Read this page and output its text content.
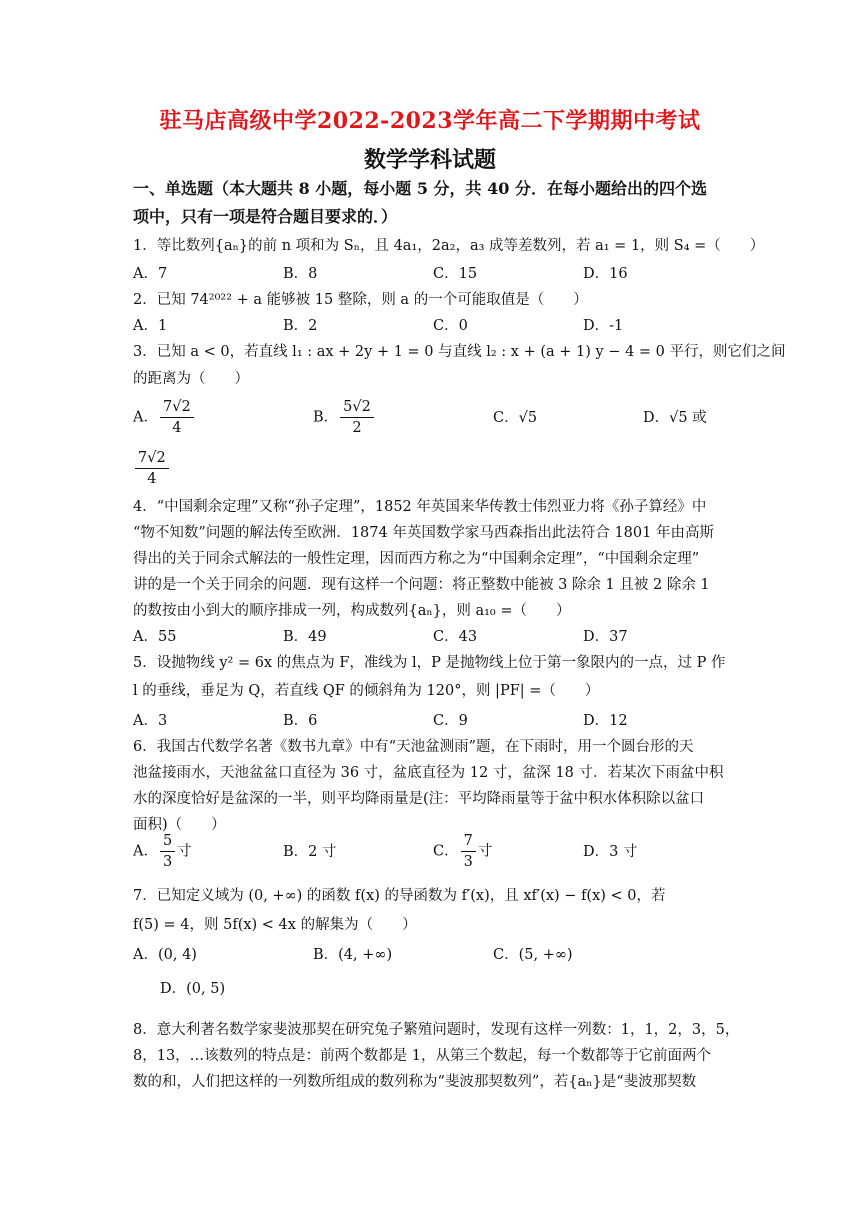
驻马店高级中学2022-2023学年高二下学期期中考试
数学学科试题
一、单选题（本大题共 8 小题，每小题 5 分，共 40 分．在每小题给出的四个选
项中，只有一项是符合题目要求的．）
1．等比数列{aₙ}的前 n 项和为 Sₙ，且 4a₁，2a₂，a₃ 成等差数列，若 a₁ = 1，则 S₄ =（　　）
A．7	B．8	C．15	D．16
2．已知 74²⁰²² + a 能够被 15 整除，则 a 的一个可能取值是（　　）
A．1	B．2	C．0	D．-1
3．已知 a < 0，若直线 l₁ : ax + 2y + 1 = 0 与直线 l₂ : x + (a + 1) y − 4 = 0 平行，则它们之间
的距离为（　　）
A． $\frac{7√2}{4}$	B． $\frac{5√2}{2}$	C．√5	D．√5 或
$\frac{7√2}{4}$
4．“中国剩余定理”又称“孙子定理”，1852 年英国来华传教士伟烈亚力将《孙子算经》中
“物不知数”问题的解法传至欧洲．1874 年英国数学家马西森指出此法符合 1801 年由高斯
得出的关于同余式解法的一般性定理，因而西方称之为“中国剩余定理”，“中国剩余定理”
讲的是一个关于同余的问题．现有这样一个问题：将正整数中能被 3 除余 1 且被 2 除余 1
的数按由小到大的顺序排成一列，构成数列{aₙ}，则 a₁₀ =（　　）
A．55	B．49	C．43	D．37
5．设抛物线 y² = 6x 的焦点为 F，准线为 l，P 是抛物线上位于第一象限内的一点，过 P 作
l 的垂线，垂足为 Q，若直线 QF 的倾斜角为 120°，则 |PF| =（　　）
A．3	B．6	C．9	D．12
6．我国古代数学名著《数书九章》中有“天池盆测雨”题，在下雨时，用一个圆台形的天
池盆接雨水，天池盆盆口直径为 36 寸，盆底直径为 12 寸，盆深 18 寸．若某次下雨盆中积
水的深度恰好是盆深的一半，则平均降雨量是(注：平均降雨量等于盆中积水体积除以盆口
面积)（　　）
A． $\frac{5}{3}$ 寸	B．2 寸	C． $\frac{7}{3}$ 寸	D．3 寸
7．已知定义域为 (0, +∞) 的函数 f(x) 的导函数为 f′(x)，且 xf′(x) − f(x) < 0，若
f(5) = 4，则 5f(x) < 4x 的解集为（　　）
A．(0, 4)	B．(4, +∞)	C．(5, +∞)
D．(0, 5)
8．意大利著名数学家斐波那契在研究兔子繁殖问题时，发现有这样一列数：1，1，2，3，5，
8，13，…该数列的特点是：前两个数都是 1，从第三个数起，每一个数都等于它前面两个
数的和，人们把这样的一列数所组成的数列称为“斐波那契数列”，若{aₙ}是“斐波那契数
